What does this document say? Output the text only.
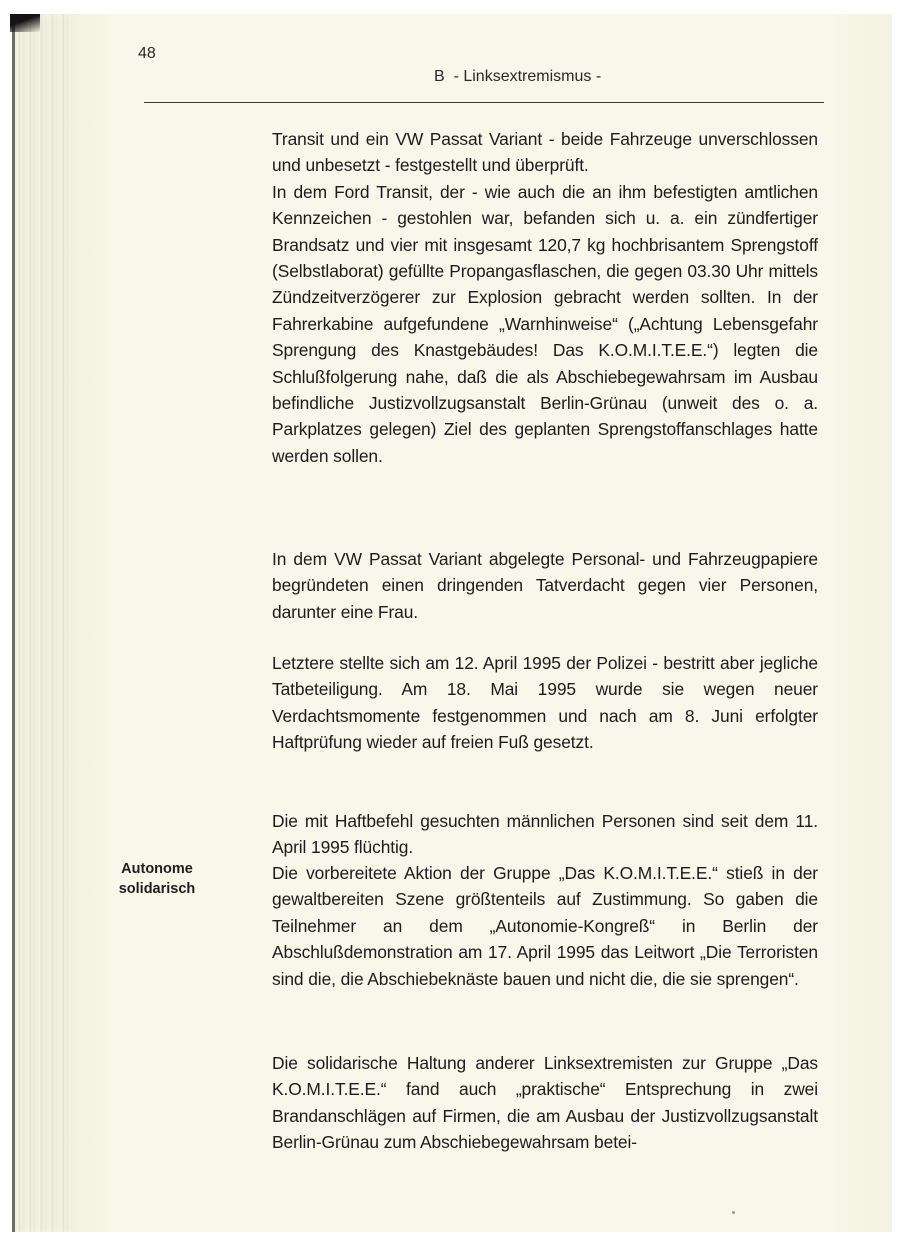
48
B  - Linksextremismus -

Transit und ein VW Passat Variant - beide Fahrzeuge unverschlossen und unbesetzt - festgestellt und überprüft.

In dem Ford Transit, der - wie auch die an ihm befestigten amtlichen Kennzeichen - gestohlen war, befanden sich u. a. ein zündfertiger Brandsatz und vier mit insgesamt 120,7 kg hochbrisantem Sprengstoff (Selbstlaborat) gefüllte Propangasflaschen, die gegen 03.30 Uhr mittels Zündzeitverzögerer zur Explosion gebracht werden sollten. In der Fahrerkabine aufgefundene „Warnhinweise“ („Achtung Lebensgefahr Sprengung des Knastgebäudes! Das K.O.M.I.T.E.E.“) legten die Schlußfolgerung nahe, daß die als Abschiebegewahrsam im Ausbau befindliche Justizvollzugsanstalt Berlin-Grünau (unweit des o. a. Parkplatzes gelegen) Ziel des geplanten Sprengstoffanschlages hatte werden sollen.

In dem VW Passat Variant abgelegte Personal- und Fahrzeugpapiere begründeten einen dringenden Tatverdacht gegen vier Personen, darunter eine Frau.

Letztere stellte sich am 12. April 1995 der Polizei - bestritt aber jegliche Tatbeteiligung. Am 18. Mai 1995 wurde sie wegen neuer Verdachtsmomente festgenommen und nach am 8. Juni erfolgter Haftprüfung wieder auf freien Fuß gesetzt.

Die mit Haftbefehl gesuchten männlichen Personen sind seit dem 11. April 1995 flüchtig.

Autonome
solidarisch

Die vorbereitete Aktion der Gruppe „Das K.O.M.I.T.E.E.“ stieß in der gewaltbereiten Szene größtenteils auf Zustimmung. So gaben die Teilnehmer an dem „Autonomie-Kongreß“ in Berlin der Abschlußdemonstration am 17. April 1995 das Leitwort „Die Terroristen sind die, die Abschiebeknäste bauen und nicht die, die sie sprengen“.

Die solidarische Haltung anderer Linksextremisten zur Gruppe „Das K.O.M.I.T.E.E.“ fand auch „praktische“ Entsprechung in zwei Brandanschlägen auf Firmen, die am Ausbau der Justizvollzugsanstalt Berlin-Grünau zum Abschiebegewahrsam betei-
